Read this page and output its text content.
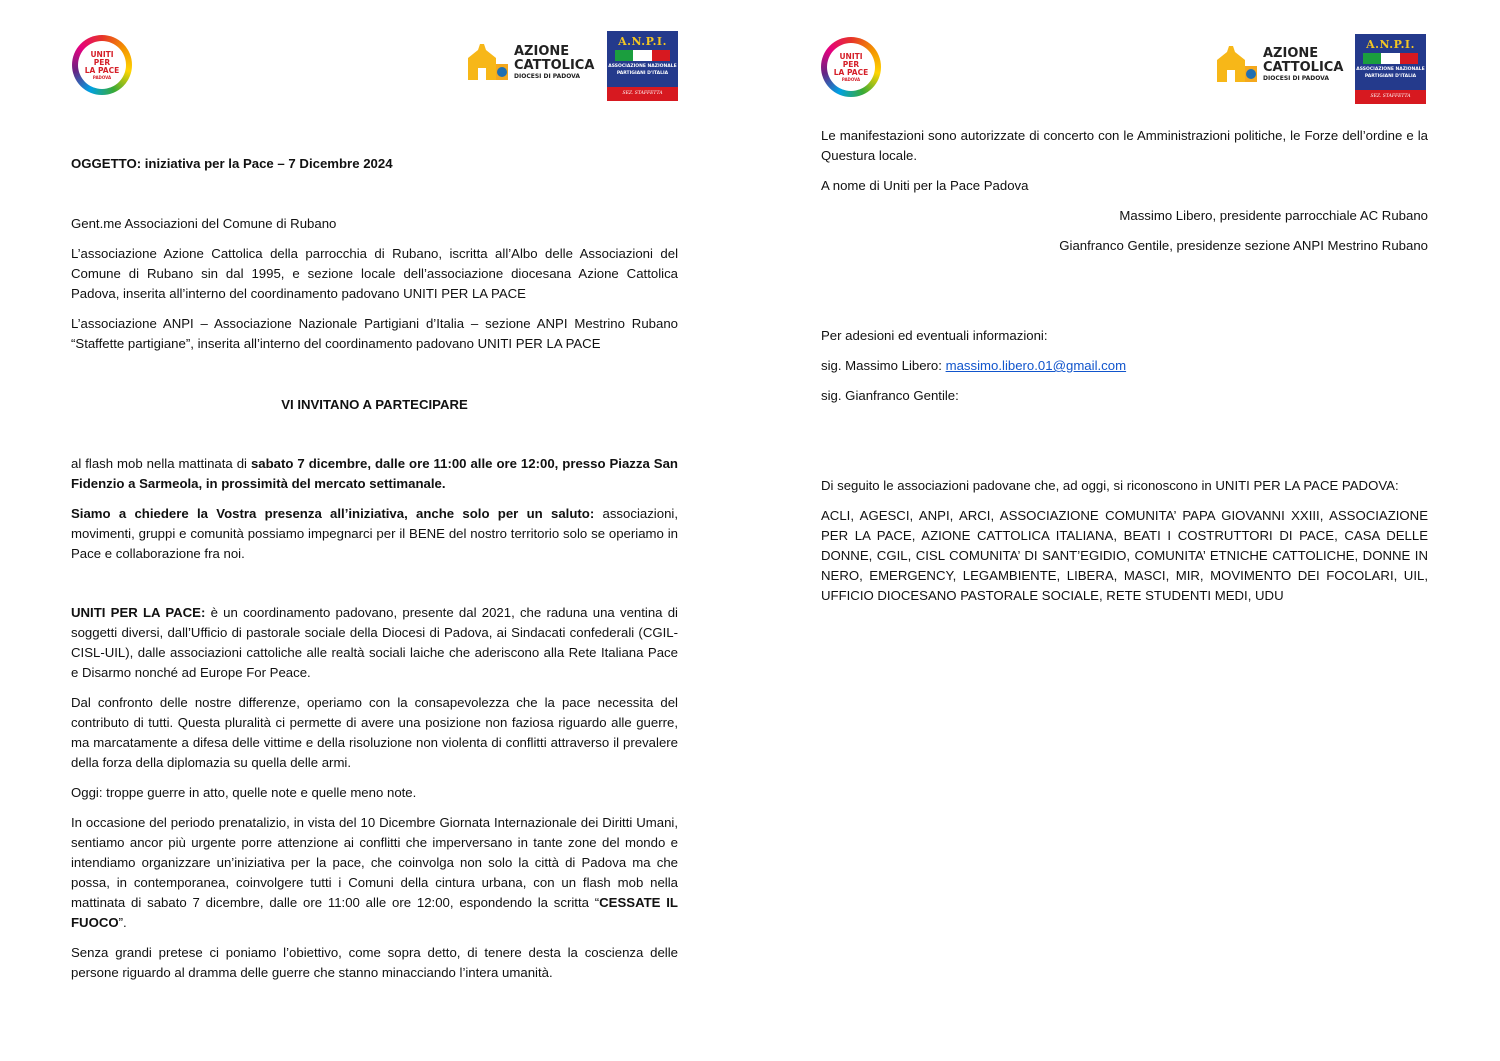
UNITI
PER
LA PACE
PADOVA
AZIONE
CATTOLICA
DIOCESI DI PADOVA
A.N.P.I.
ASSOCIAZIONE NAZIONALE
PARTIGIANI D'ITALIA
SEZ. STAFFETTA PARTIGIANA

OGGETTO: iniziativa per la Pace – 7 Dicembre 2024

Gent.me Associazioni del Comune di Rubano

L’associazione Azione Cattolica della parrocchia di Rubano, iscritta all’Albo delle Associazioni del Comune di Rubano sin dal 1995, e sezione locale dell’associazione diocesana Azione Cattolica Padova, inserita all’interno del coordinamento padovano UNITI PER LA PACE

L’associazione ANPI – Associazione Nazionale Partigiani d’Italia – sezione ANPI Mestrino Rubano “Staffette partigiane”, inserita all’interno del coordinamento padovano UNITI PER LA PACE

VI INVITANO A PARTECIPARE

al flash mob nella mattinata di sabato 7 dicembre, dalle ore 11:00 alle ore 12:00, presso Piazza San Fidenzio a Sarmeola, in prossimità del mercato settimanale.

Siamo a chiedere la Vostra presenza all’iniziativa, anche solo per un saluto: associazioni, movimenti, gruppi e comunità possiamo impegnarci per il BENE del nostro territorio solo se operiamo in Pace e collaborazione fra noi.

UNITI PER LA PACE: è un coordinamento padovano, presente dal 2021, che raduna una ventina di soggetti diversi, dall’Ufficio di pastorale sociale della Diocesi di Padova, ai Sindacati confederali (CGIL-CISL-UIL), dalle associazioni cattoliche alle realtà sociali laiche che aderiscono alla Rete Italiana Pace e Disarmo nonché ad Europe For Peace.

Dal confronto delle nostre differenze, operiamo con la consapevolezza che la pace necessita del contributo di tutti. Questa pluralità ci permette di avere una posizione non faziosa riguardo alle guerre, ma marcatamente a difesa delle vittime e della risoluzione non violenta di conflitti attraverso il prevalere della forza della diplomazia su quella delle armi.

Oggi: troppe guerre in atto, quelle note e quelle meno note.

In occasione del periodo prenatalizio, in vista del 10 Dicembre Giornata Internazionale dei Diritti Umani, sentiamo ancor più urgente porre attenzione ai conflitti che imperversano in tante zone del mondo e intendiamo organizzare un’iniziativa per la pace, che coinvolga non solo la città di Padova ma che possa, in contemporanea, coinvolgere tutti i Comuni della cintura urbana, con un flash mob nella mattinata di sabato 7 dicembre, dalle ore 11:00 alle ore 12:00, espondendo la scritta “CESSATE IL FUOCO”.

Senza grandi pretese ci poniamo l’obiettivo, come sopra detto, di tenere desta la coscienza delle persone riguardo al dramma delle guerre che stanno minacciando l’intera umanità.

UNITI
PER
LA PACE
PADOVA
AZIONE
CATTOLICA
DIOCESI DI PADOVA
A.N.P.I.
ASSOCIAZIONE NAZIONALE
PARTIGIANI D'ITALIA
SEZ. STAFFETTA PARTIGIANA

Le manifestazioni sono autorizzate di concerto con le Amministrazioni politiche, le Forze dell’ordine e la Questura locale.

A nome di Uniti per la Pace Padova

Massimo Libero, presidente parrocchiale AC Rubano

Gianfranco Gentile, presidenze sezione ANPI Mestrino Rubano

Per adesioni ed eventuali informazioni:

sig. Massimo Libero: massimo.libero.01@gmail.com

sig. Gianfranco Gentile:

Di seguito le associazioni padovane che, ad oggi, si riconoscono in UNITI PER LA PACE PADOVA:

ACLI, AGESCI, ANPI, ARCI, ASSOCIAZIONE COMUNITA’ PAPA GIOVANNI XXIII, ASSOCIAZIONE PER LA PACE, AZIONE CATTOLICA ITALIANA, BEATI I COSTRUTTORI DI PACE, CASA DELLE DONNE, CGIL, CISL COMUNITA’ DI SANT’EGIDIO, COMUNITA’ ETNICHE CATTOLICHE, DONNE IN NERO, EMERGENCY, LEGAMBIENTE, LIBERA, MASCI, MIR, MOVIMENTO DEI FOCOLARI, UIL, UFFICIO DIOCESANO PASTORALE SOCIALE, RETE STUDENTI MEDI, UDU
